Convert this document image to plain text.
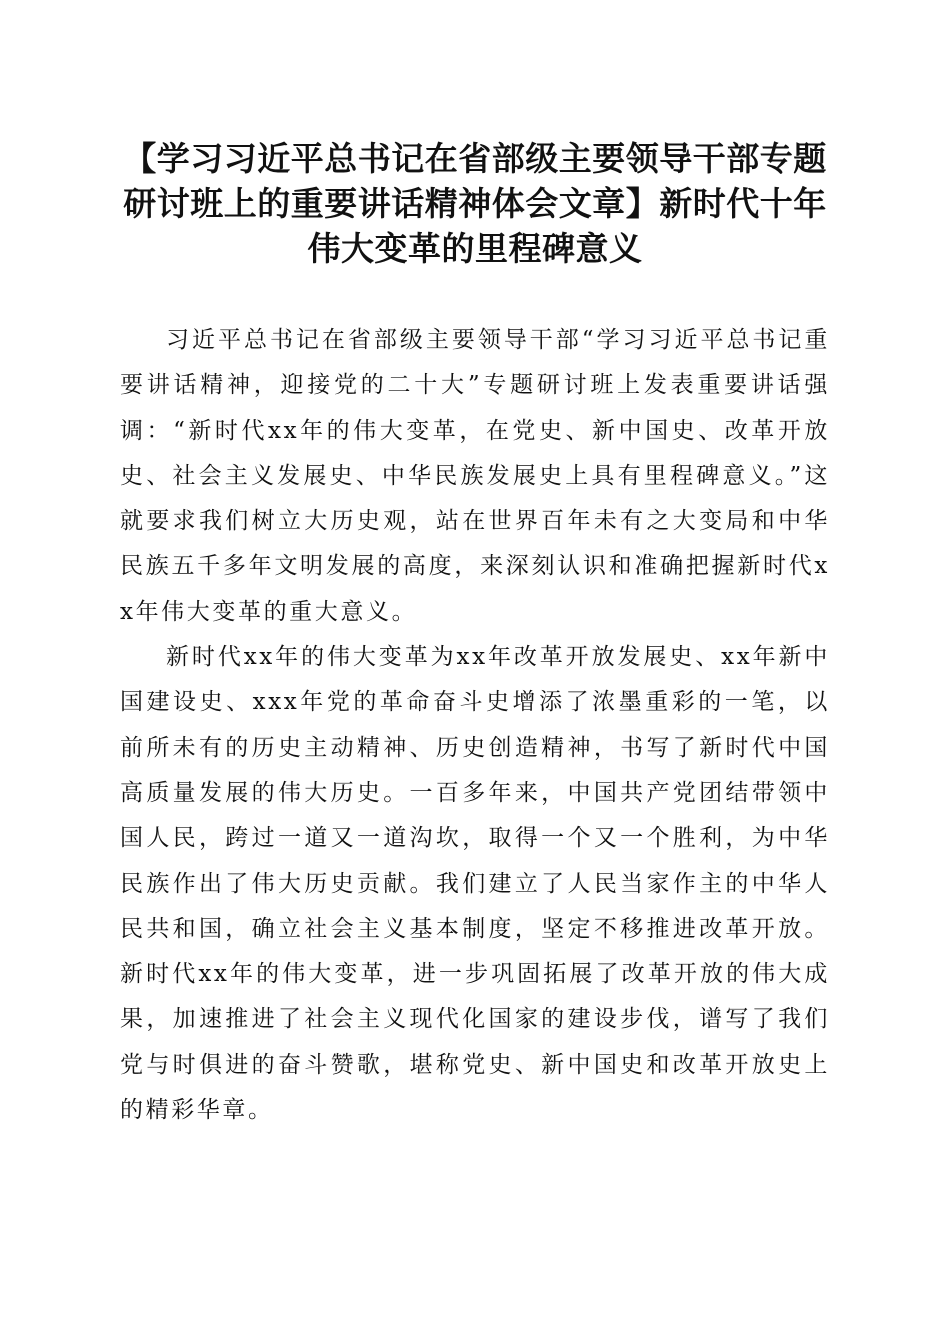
【学习习近平总书记在省部级主要领导干部专题研讨班上的重要讲话精神体会文章】新时代十年伟大变革的里程碑意义

习近平总书记在省部级主要领导干部“学习习近平总书记重要讲话精神，迎接党的二十大”专题研讨班上发表重要讲话强调：“新时代xx年的伟大变革，在党史、新中国史、改革开放史、社会主义发展史、中华民族发展史上具有里程碑意义。”这就要求我们树立大历史观，站在世界百年未有之大变局和中华民族五千多年文明发展的高度，来深刻认识和准确把握新时代xx年伟大变革的重大意义。

新时代xx年的伟大变革为xx年改革开放发展史、xx年新中国建设史、xxx年党的革命奋斗史增添了浓墨重彩的一笔，以前所未有的历史主动精神、历史创造精神，书写了新时代中国高质量发展的伟大历史。一百多年来，中国共产党团结带领中国人民，跨过一道又一道沟坎，取得一个又一个胜利，为中华民族作出了伟大历史贡献。我们建立了人民当家作主的中华人民共和国，确立社会主义基本制度，坚定不移推进改革开放。新时代xx年的伟大变革，进一步巩固拓展了改革开放的伟大成果，加速推进了社会主义现代化国家的建设步伐，谱写了我们党与时俱进的奋斗赞歌，堪称党史、新中国史和改革开放史上的精彩华章。
